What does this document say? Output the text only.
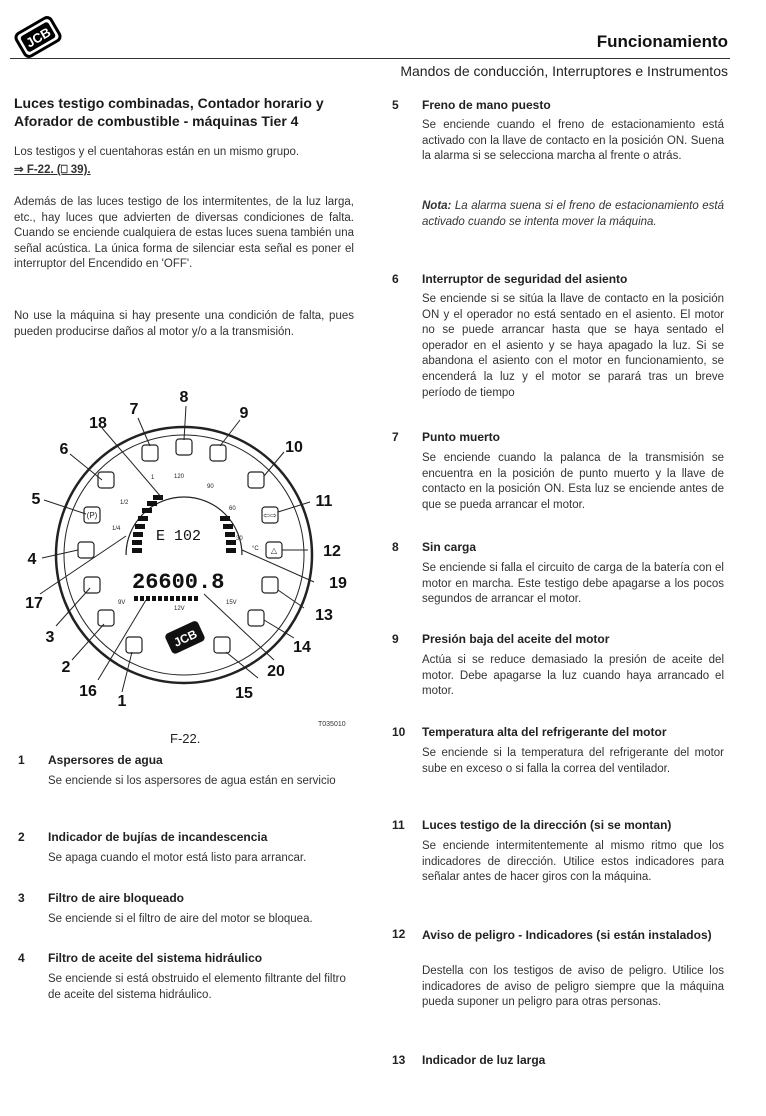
JCB	Funcionamiento
Mandos de conducción, Interruptores e Instrumentos
Luces testigo combinadas, Contador horario y
Aforador de combustible - máquinas Tier 4
Los testigos y el cuentahoras están en un mismo grupo.
⇒ F-22. (⎕ 39).
Además de las luces testigo de los intermitentes, de la luz larga, etc., hay luces que advierten de diversas condiciones de falta. Cuando se enciende cualquiera de estas luces suena también una señal acústica. La única forma de silenciar esta señal es poner el interruptor del Encendido en 'OFF'.
No use la máquina si hay presente una condición de falta, pues pueden producirse daños al motor y/o a la transmisión.
1/2
1/4
1	120
90
60
30
°C
9V
12V
15V
E 102
26600.8
JCB
(P)	⇦⇨
△
7
8
9
10
11
12
19
13
14
20
15
18
6
5
4
17
3
2
16
1
T035010
F-22.
1 Aspersores de agua
Se enciende si los aspersores de agua están en servicio
2 Indicador de bujías de incandescencia
Se apaga cuando el motor está listo para arrancar.
3 Filtro de aire bloqueado
Se enciende si el filtro de aire del motor se bloquea.
4 Filtro de aceite del sistema hidráulico
Se enciende si está obstruido el elemento filtrante del filtro de aceite del sistema hidráulico.
5 Freno de mano puesto
Se enciende cuando el freno de estacionamiento está activado con la llave de contacto en la posición ON. Suena la alarma si se selecciona marcha al frente o atrás.
Nota: La alarma suena si el freno de estacionamiento está activado cuando se intenta mover la máquina.
6 Interruptor de seguridad del asiento
Se enciende si se sitúa la llave de contacto en la posición ON y el operador no está sentado en el asiento. El motor no se puede arrancar hasta que se haya sentado el operador en el asiento y se haya apagado la luz. Si se abandona el asiento con el motor en funcionamiento, se encenderá la luz y el motor se parará tras un breve período de tiempo
7 Punto muerto
Se enciende cuando la palanca de la transmisión se encuentra en la posición de punto muerto y la llave de contacto en la posición ON. Esta luz se enciende antes de que se pueda arrancar el motor.
8 Sin carga
Se enciende si falla el circuito de carga de la batería con el motor en marcha. Este testigo debe apagarse a los pocos segundos de arrancar el motor.
9 Presión baja del aceite del motor
Actúa si se reduce demasiado la presión de aceite del motor. Debe apagarse la luz cuando haya arrancado el motor.
10 Temperatura alta del refrigerante del motor
Se enciende si la temperatura del refrigerante del motor sube en exceso o si falla la correa del ventilador.
11 Luces testigo de la dirección (si se montan)
Se enciende intermitentemente al mismo ritmo que los indicadores de dirección. Utilice estos indicadores para señalar antes de hacer giros con la máquina.
12 Aviso de peligro - Indicadores (si están instalados)
Destella con los testigos de aviso de peligro. Utilice los indicadores de aviso de peligro siempre que la máquina pueda suponer un peligro para otras personas.
13 Indicador de luz larga
